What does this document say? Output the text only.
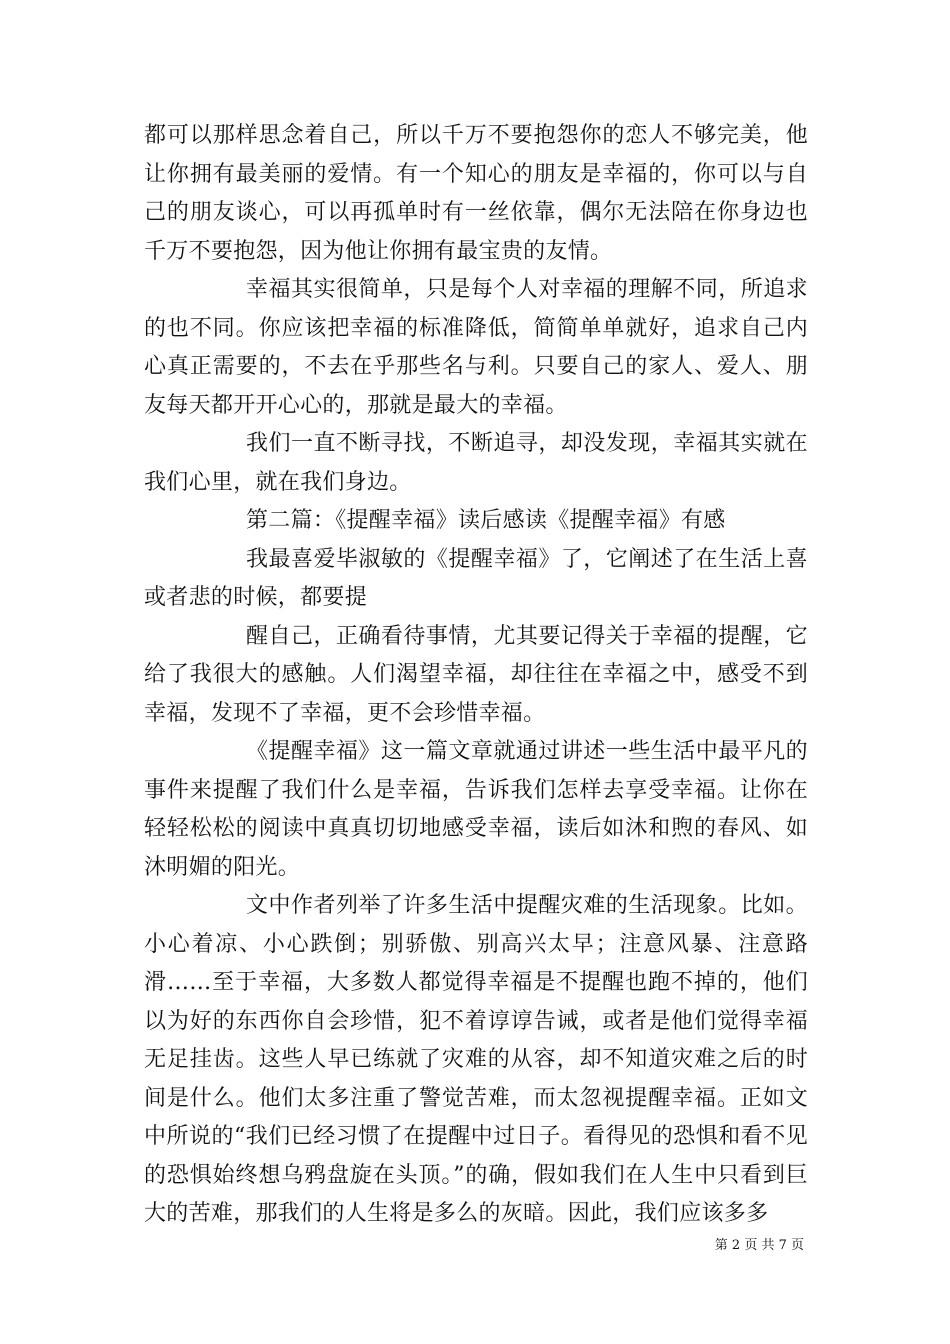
都可以那样思念着自己，所以千万不要抱怨你的恋人不够完美，他让你拥有最美丽的爱情。有一个知心的朋友是幸福的，你可以与自己的朋友谈心，可以再孤单时有一丝依靠，偶尔无法陪在你身边也千万不要抱怨，因为他让你拥有最宝贵的友情。

幸福其实很简单，只是每个人对幸福的理解不同，所追求的也不同。你应该把幸福的标准降低，简简单单就好，追求自己内心真正需要的，不去在乎那些名与利。只要自己的家人、爱人、朋友每天都开开心心的，那就是最大的幸福。

我们一直不断寻找，不断追寻，却没发现，幸福其实就在我们心里，就在我们身边。

第二篇：《提醒幸福》读后感读《提醒幸福》有感

我最喜爱毕淑敏的《提醒幸福》了，它阐述了在生活上喜或者悲的时候，都要提

醒自己，正确看待事情，尤其要记得关于幸福的提醒，它给了我很大的感触。人们渴望幸福，却往往在幸福之中，感受不到幸福，发现不了幸福，更不会珍惜幸福。

《提醒幸福》这一篇文章就通过讲述一些生活中最平凡的事件来提醒了我们什么是幸福，告诉我们怎样去享受幸福。让你在轻轻松松的阅读中真真切切地感受幸福，读后如沐和煦的春风、如沐明媚的阳光。

文中作者列举了许多生活中提醒灾难的生活现象。比如。小心着凉、小心跌倒；别骄傲、别高兴太早；注意风暴、注意路滑……至于幸福，大多数人都觉得幸福是不提醒也跑不掉的，他们以为好的东西你自会珍惜，犯不着谆谆告诫，或者是他们觉得幸福无足挂齿。这些人早已练就了灾难的从容，却不知道灾难之后的时间是什么。他们太多注重了警觉苦难，而太忽视提醒幸福。正如文中所说的“我们已经习惯了在提醒中过日子。看得见的恐惧和看不见的恐惧始终想乌鸦盘旋在头顶。”的确，假如我们在人生中只看到巨大的苦难，那我们的人生将是多么的灰暗。因此，我们应该多多

第 2 页 共 7 页
